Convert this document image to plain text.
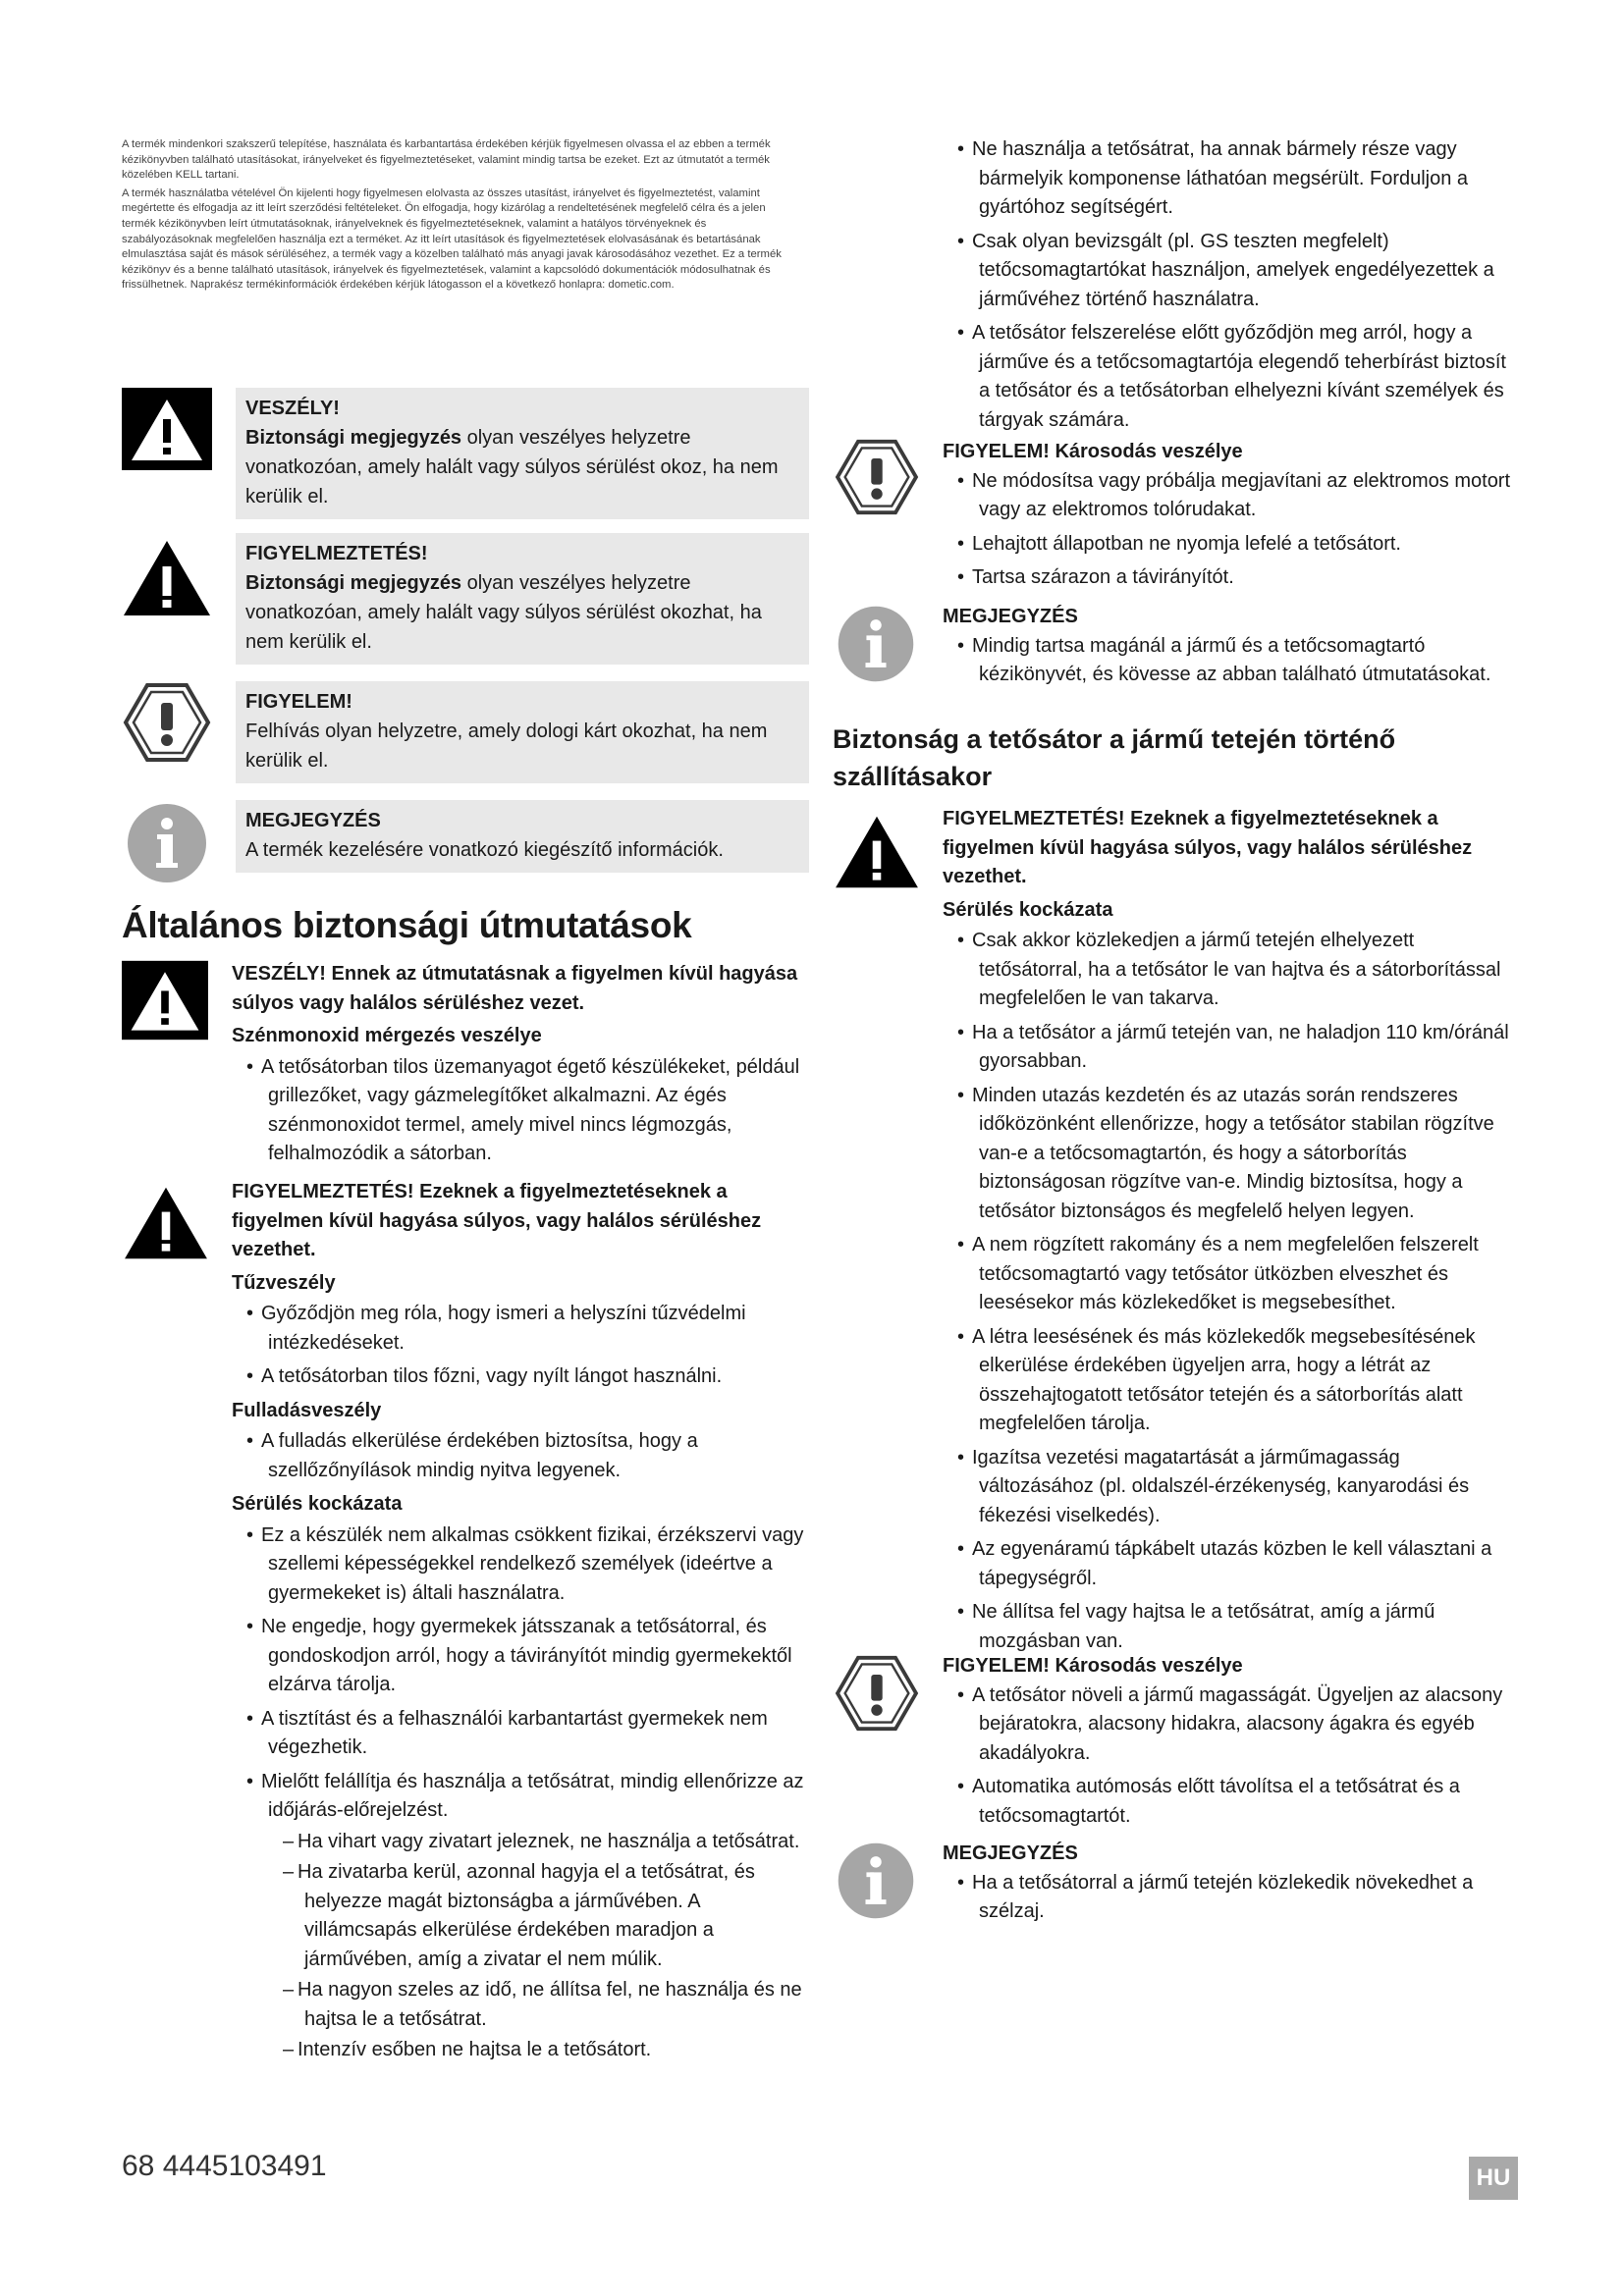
A termék mindenkori szakszerű telepítése, használata és karbantartása érdekében kérjük figyelmesen olvassa el az ebben a termék kézikönyvben található utasításokat, irányelveket és figyelmeztetéseket, valamint mindig tartsa be ezeket. Ezt az útmutatót a termék közelében KELL tartani.

A termék használatba vételével Ön kijelenti hogy figyelmesen elolvasta az összes utasítást, irányelvet és figyelmeztetést, valamint megértette és elfogadja az itt leírt szerződési feltételeket. Ön elfogadja, hogy kizárólag a rendeltetésének megfelelő célra és a jelen termék kézikönyvben leírt útmutatásoknak, irányelveknek és figyelmeztetéseknek, valamint a hatályos törvényeknek és szabályozásoknak megfelelően használja ezt a terméket. Az itt leírt utasítások és figyelmeztetések elolvasásának és betartásának elmulasztása saját és mások sérüléséhez, a termék vagy a közelben található más anyagi javak károsodásához vezethet. Ez a termék kézikönyv és a benne található utasítások, irányelvek és figyelmeztetések, valamint a kapcsolódó dokumentációk módosulhatnak és frissülhetnek. Naprakész termékinformációk érdekében kérjük látogasson el a következő honlapra: dometic.com.

VESZÉLY!
Biztonsági megjegyzés olyan veszélyes helyzetre vonatkozóan, amely halált vagy súlyos sérülést okoz, ha nem kerülik el.
FIGYELMEZTETÉS!
Biztonsági megjegyzés olyan veszélyes helyzetre vonatkozóan, amely halált vagy súlyos sérülést okozhat, ha nem kerülik el.
FIGYELEM!
Felhívás olyan helyzetre, amely dologi kárt okozhat, ha nem kerülik el.
MEGJEGYZÉS
A termék kezelésére vonatkozó kiegészítő információk.
Általános biztonsági útmutatások

VESZÉLY! Ennek az útmutatásnak a figyelmen kívül hagyása súlyos vagy halálos sérüléshez vezet.

Szénmonoxid mérgezés veszélye

• A tetősátorban tilos üzemanyagot égető készülékeket, például grillezőket, vagy gázmelegítőket alkalmazni. Az égés szénmonoxidot termel, amely mivel nincs légmozgás, felhalmozódik a sátorban.

FIGYELMEZTETÉS! Ezeknek a figyelmeztetéseknek a figyelmen kívül hagyása súlyos, vagy halálos sérüléshez vezethet.

Tűzveszély

• Győződjön meg róla, hogy ismeri a helyszíni tűzvédelmi intézkedéseket.
• A tetősátorban tilos főzni, vagy nyílt lángot használni.

Fulladásveszély

• A fulladás elkerülése érdekében biztosítsa, hogy a szellőzőnyílások mindig nyitva legyenek.

Sérülés kockázata

• Ez a készülék nem alkalmas csökkent fizikai, érzékszervi vagy szellemi képességekkel rendelkező személyek (ideértve a gyermekeket is) általi használatra.
• Ne engedje, hogy gyermekek játsszanak a tetősátorral, és gondoskodjon arról, hogy a távirányítót mindig gyermekektől elzárva tárolja.
• A tisztítást és a felhasználói karbantartást gyermekek nem végezhetik.
• Mielőtt felállítja és használja a tetősátrat, mindig ellenőrizze az időjárás-előrejelzést.
– Ha vihart vagy zivatart jeleznek, ne használja a tetősátrat.
– Ha zivatarba kerül, azonnal hagyja el a tetősátrat, és helyezze magát biztonságba a járművében. A villámcsapás elkerülése érdekében maradjon a járművében, amíg a zivatar el nem múlik.
– Ha nagyon szeles az idő, ne állítsa fel, ne használja és ne hajtsa le a tetősátrat.
– Intenzív esőben ne hajtsa le a tetősátort.
• Ne használja a tetősátrat, ha annak bármely része vagy bármelyik komponense láthatóan megsérült. Forduljon a gyártóhoz segítségért.
• Csak olyan bevizsgált (pl. GS teszten megfelelt) tetőcsomagtartókat használjon, amelyek engedélyezettek a járművéhez történő használatra.
• A tetősátor felszerelése előtt győződjön meg arról, hogy a járműve és a tetőcsomagtartója elegendő teherbírást biztosít a tetősátor és a tetősátorban elhelyezni kívánt személyek és tárgyak számára.

FIGYELEM! Károsodás veszélye

• Ne módosítsa vagy próbálja megjavítani az elektromos motort vagy az elektromos tolórudakat.
• Lehajtott állapotban ne nyomja lefelé a tetősátort.
• Tartsa szárazon a távirányítót.

MEGJEGYZÉS

• Mindig tartsa magánál a jármű és a tetőcsomagtartó kézikönyvét, és kövesse az abban található útmutatásokat.
Biztonság a tetősátor a jármű tetején történő szállításakor

FIGYELMEZTETÉS! Ezeknek a figyelmeztetéseknek a figyelmen kívül hagyása súlyos, vagy halálos sérüléshez vezethet.

Sérülés kockázata

• Csak akkor közlekedjen a jármű tetején elhelyezett tetősátorral, ha a tetősátor le van hajtva és a sátorborítással megfelelően le van takarva.
• Ha a tetősátor a jármű tetején van, ne haladjon 110 km/óránál gyorsabban.
• Minden utazás kezdetén és az utazás során rendszeres időközönként ellenőrizze, hogy a tetősátor stabilan rögzítve van-e a tetőcsomagtartón, és hogy a sátorborítás biztonságosan rögzítve van-e. Mindig biztosítsa, hogy a tetősátor biztonságos és megfelelő helyen legyen.
• A nem rögzített rakomány és a nem megfelelően felszerelt tetőcsomagtartó vagy tetősátor ütközben elveszhet és leesésekor más közlekedőket is megsebesíthet.
• A létra leesésének és más közlekedők megsebesítésének elkerülése érdekében ügyeljen arra, hogy a létrát az összehajtogatott tetősátor tetején és a sátorborítás alatt megfelelően tárolja.
• Igazítsa vezetési magatartását a járműmagasság változásához (pl. oldalszél-érzékenység, kanyarodási és fékezési viselkedés).
• Az egyenáramú tápkábelt utazás közben le kell választani a tápegységről.
• Ne állítsa fel vagy hajtsa le a tetősátrat, amíg a jármű mozgásban van.

FIGYELEM! Károsodás veszélye

• A tetősátor növeli a jármű magasságát. Ügyeljen az alacsony bejáratokra, alacsony hidakra, alacsony ágakra és egyéb akadályokra.
• Automatika autómosás előtt távolítsa el a tetősátrat és a tetőcsomagtartót.

MEGJEGYZÉS

• Ha a tetősátorral a jármű tetején közlekedik növekedhet a szélzaj.
68 4445103491	HU
